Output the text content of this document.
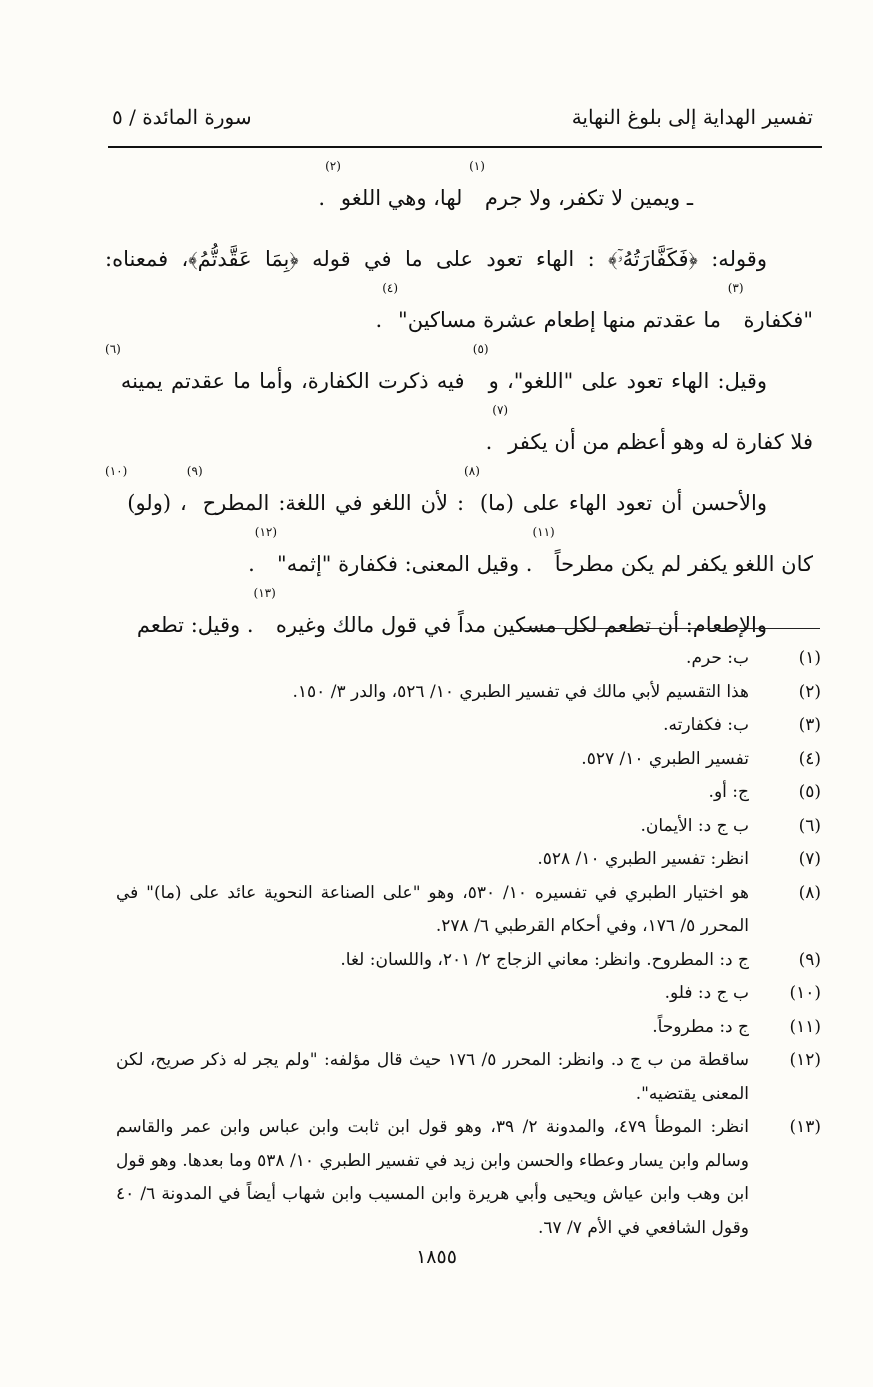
تفسير الهداية إلى بلوغ النهاية
سورة المائدة / ٥

ـ ويمين لا تكفر، ولا جرم$^{(١)}$ لها، وهي اللغو$^{(٢)}$.

وقوله: ﴿فَكَفَّارَتُهُۥٓ﴾ : الهاء تعود على ما في قوله ﴿بِمَا عَقَّدتُّمُ﴾، فمعناه: "فكفارة$^{(٣)}$ ما عقدتم منها إطعام عشرة مساكين"$^{(٤)}$.

وقيل: الهاء تعود على "اللغو"، و$^{(٥)}$ فيه ذكرت الكفارة، وأما ما عقدتم يمينه$^{(٦)}$ فلا كفارة له وهو أعظم من أن يكفر$^{(٧)}$.

والأحسن أن تعود الهاء على (ما)$^{(٨)}$: لأن اللغو في اللغة: المطرح$^{(٩)}$، (ولو)$^{(١٠)}$ كان اللغو يكفر لم يكن مطرحاً$^{(١١)}$. وقيل المعنى: فكفارة "إثمه"$^{(١٢)}$.

والإطعام: أن تطعم لكل مسكين مداً في قول مالك وغيره$^{(١٣)}$. وقيل: تطعم

(١)
ب: حرم.
(٢)
هذا التقسيم لأبي مالك في تفسير الطبري ١٠/ ٥٢٦، والدر ٣/ ١٥٠.
(٣)
ب: فكفارته.
(٤)
تفسير الطبري ١٠/ ٥٢٧.
(٥)
ج: أو.
(٦)
ب ج د: الأيمان.
(٧)
انظر: تفسير الطبري ١٠/ ٥٢٨.
(٨)
هو اختيار الطبري في تفسيره ١٠/ ٥٣٠، وهو "على الصناعة النحوية عائد على (ما)" في المحرر ٥/ ١٧٦، وفي أحكام القرطبي ٦/ ٢٧٨.
(٩)
ج د: المطروح. وانظر: معاني الزجاج ٢/ ٢٠١، واللسان: لغا.
(١٠)
ب ج د: فلو.
(١١)
ج د: مطروحاً.
(١٢)
ساقطة من ب ج د. وانظر: المحرر ٥/ ١٧٦ حيث قال مؤلفه: "ولم يجر له ذكر صريح، لكن المعنى يقتضيه".
(١٣)
انظر: الموطأ ٤٧٩، والمدونة ٢/ ٣٩، وهو قول ابن ثابت وابن عباس وابن عمر والقاسم وسالم وابن يسار وعطاء والحسن وابن زيد في تفسير الطبري ١٠/ ٥٣٨ وما بعدها. وهو قول ابن وهب وابن عياش ويحيى وأبي هريرة وابن المسيب وابن شهاب أيضاً في المدونة ٦/ ٤٠ وقول الشافعي في الأم ٧/ ٦٧.
١٨٥٥
